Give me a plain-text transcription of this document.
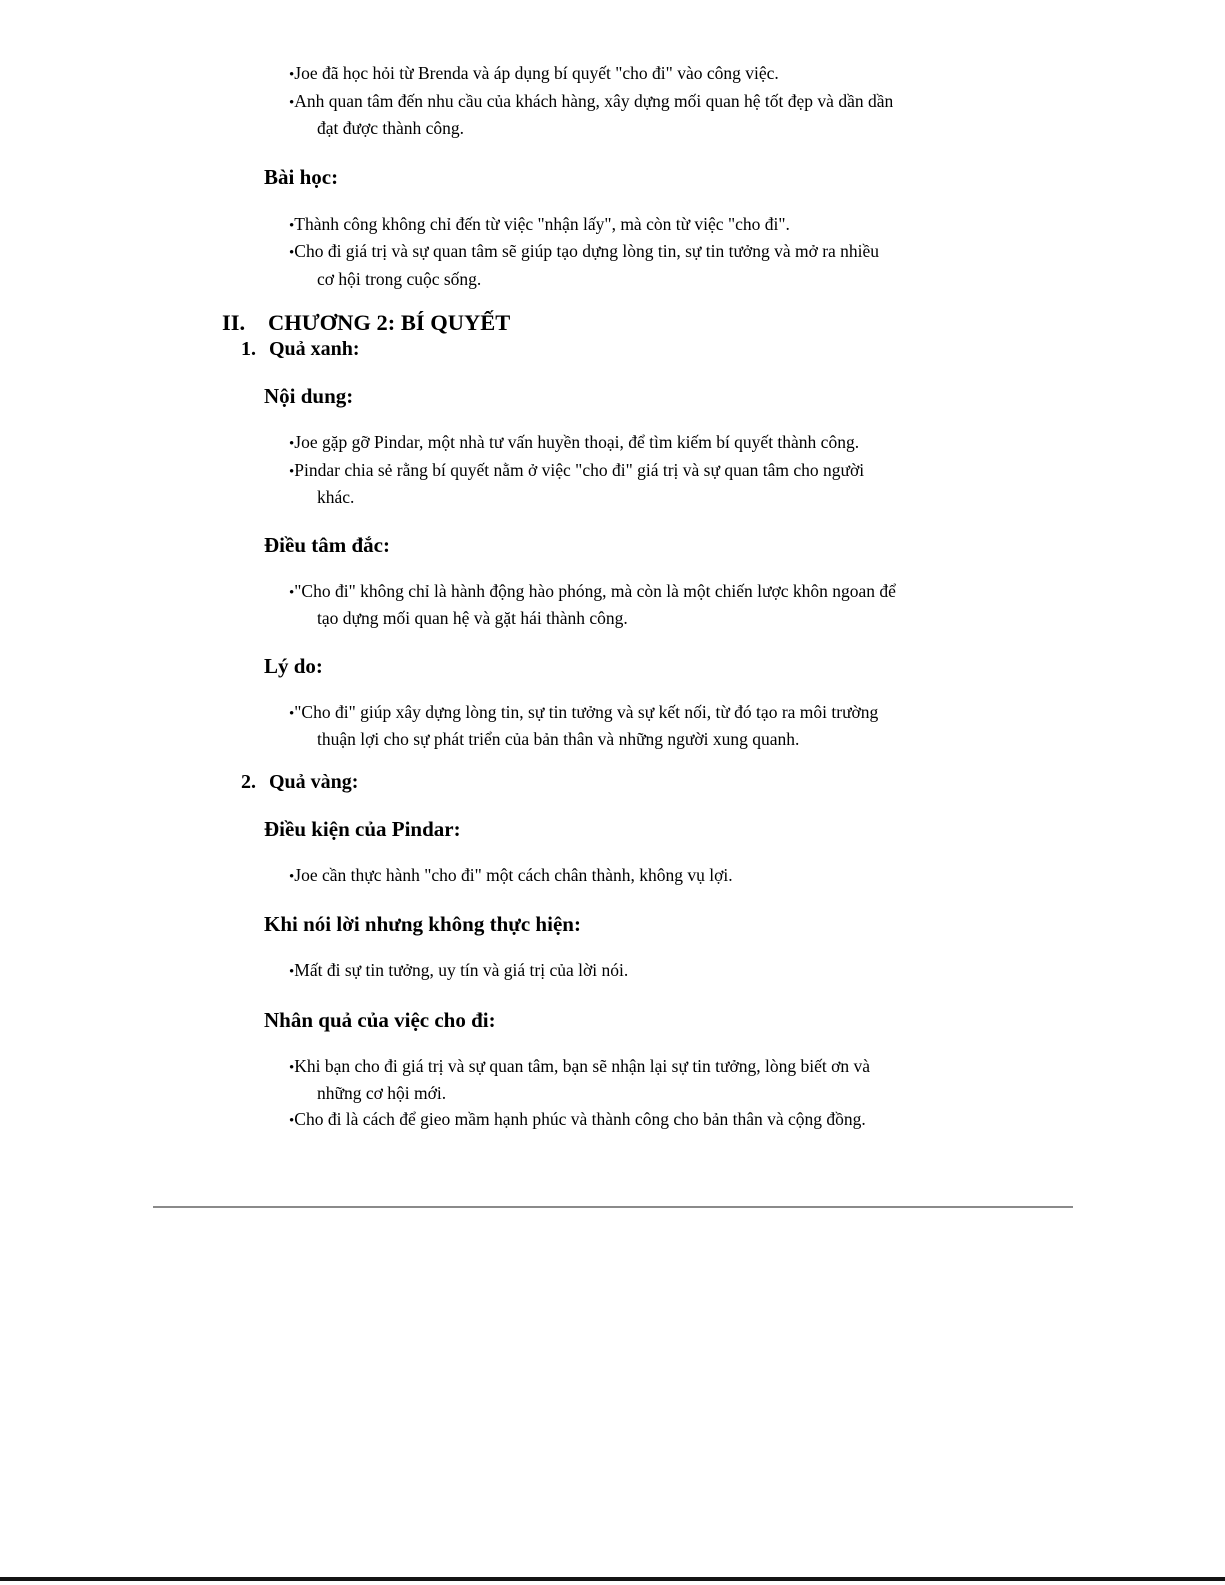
•Joe đã học hỏi từ Brenda và áp dụng bí quyết "cho đi" vào công việc.
•Anh quan tâm đến nhu cầu của khách hàng, xây dựng mối quan hệ tốt đẹp và dần dần
đạt được thành công.
Bài học:
•Thành công không chỉ đến từ việc "nhận lấy", mà còn từ việc "cho đi".
•Cho đi giá trị và sự quan tâm sẽ giúp tạo dựng lòng tin, sự tin tưởng và mở ra nhiều
cơ hội trong cuộc sống.
II.	CHƯƠNG 2: BÍ QUYẾT
1. Quả xanh:
Nội dung:
•Joe gặp gỡ Pindar, một nhà tư vấn huyền thoại, để tìm kiếm bí quyết thành công.
•Pindar chia sẻ rằng bí quyết nằm ở việc "cho đi" giá trị và sự quan tâm cho người
khác.
Điều tâm đắc:
•"Cho đi" không chỉ là hành động hào phóng, mà còn là một chiến lược khôn ngoan để
tạo dựng mối quan hệ và gặt hái thành công.
Lý do:
•"Cho đi" giúp xây dựng lòng tin, sự tin tưởng và sự kết nối, từ đó tạo ra môi trường
thuận lợi cho sự phát triển của bản thân và những người xung quanh.
2. Quả vàng:
Điều kiện của Pindar:
•Joe cần thực hành "cho đi" một cách chân thành, không vụ lợi.
Khi nói lời nhưng không thực hiện:
•Mất đi sự tin tưởng, uy tín và giá trị của lời nói.
Nhân quả của việc cho đi:
•Khi bạn cho đi giá trị và sự quan tâm, bạn sẽ nhận lại sự tin tưởng, lòng biết ơn và
những cơ hội mới.
•Cho đi là cách để gieo mầm hạnh phúc và thành công cho bản thân và cộng đồng.
